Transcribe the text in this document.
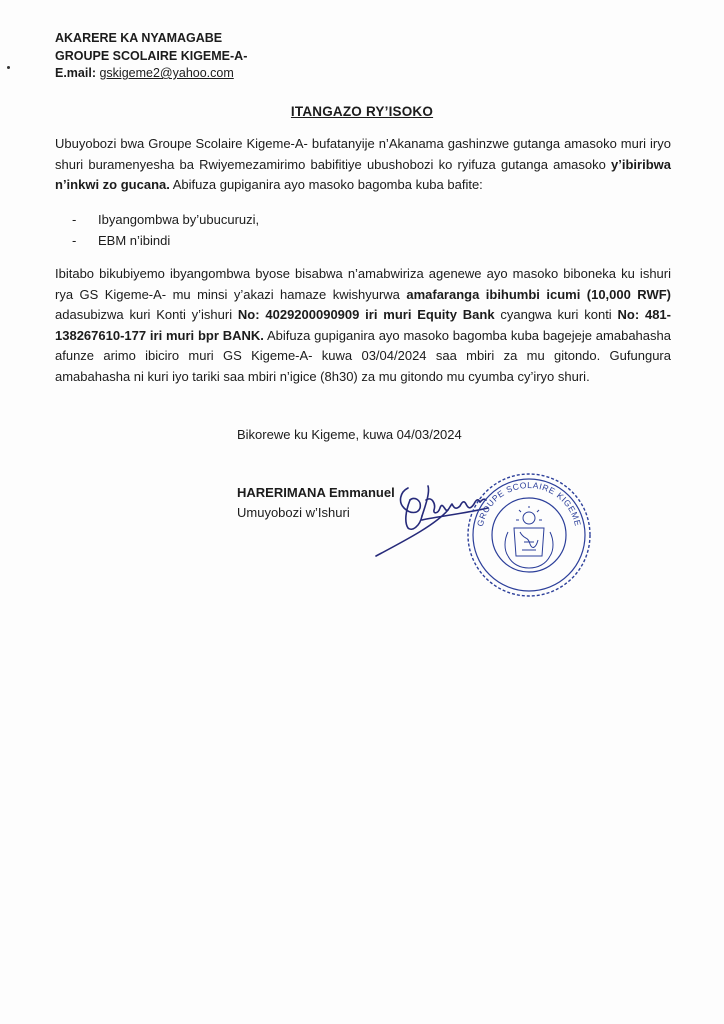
AKARERE KA NYAMAGABE
GROUPE SCOLAIRE KIGEME-A-
E.mail: gskigeme2@yahoo.com
ITANGAZO RY’ISOKO
Ubuyobozi bwa Groupe Scolaire Kigeme-A- bufatanyije n’Akanama gashinzwe gutanga amasoko muri iryo shuri buramenyesha ba Rwiyemezamirimo babifitiye ubushobozi ko ryifuza gutanga amasoko y’ibiribwa n’inkwi zo gucana. Abifuza gupiganira ayo masoko bagomba kuba bafite:
- Ibyangombwa by’ubucuruzi,
- EBM n’ibindi
Ibitabo bikubiyemo ibyangombwa byose bisabwa n’amabwiriza agenewe ayo masoko biboneka ku ishuri rya GS Kigeme-A- mu minsi y’akazi hamaze kwishyurwa amafaranga ibihumbi icumi (10,000 RWF) adasubizwa kuri Konti y’ishuri No: 4029200090909 iri muri Equity Bank cyangwa kuri konti No: 481-138267610-177 iri muri bpr BANK. Abifuza gupiganira ayo masoko bagomba kuba bagejeje amabahasha afunze arimo ibiciro muri GS Kigeme-A- kuwa 03/04/2024 saa mbiri za mu gitondo. Gufungura amabahasha ni kuri iyo tariki saa mbiri n’igice (8h30) za mu gitondo mu cyumba cy’iryo shuri.
Bikorewe ku Kigeme, kuwa 04/03/2024
HARERIMANA Emmanuel
Umuyobozi w’Ishuri
GROUPE SCOLAIRE KIGEME
